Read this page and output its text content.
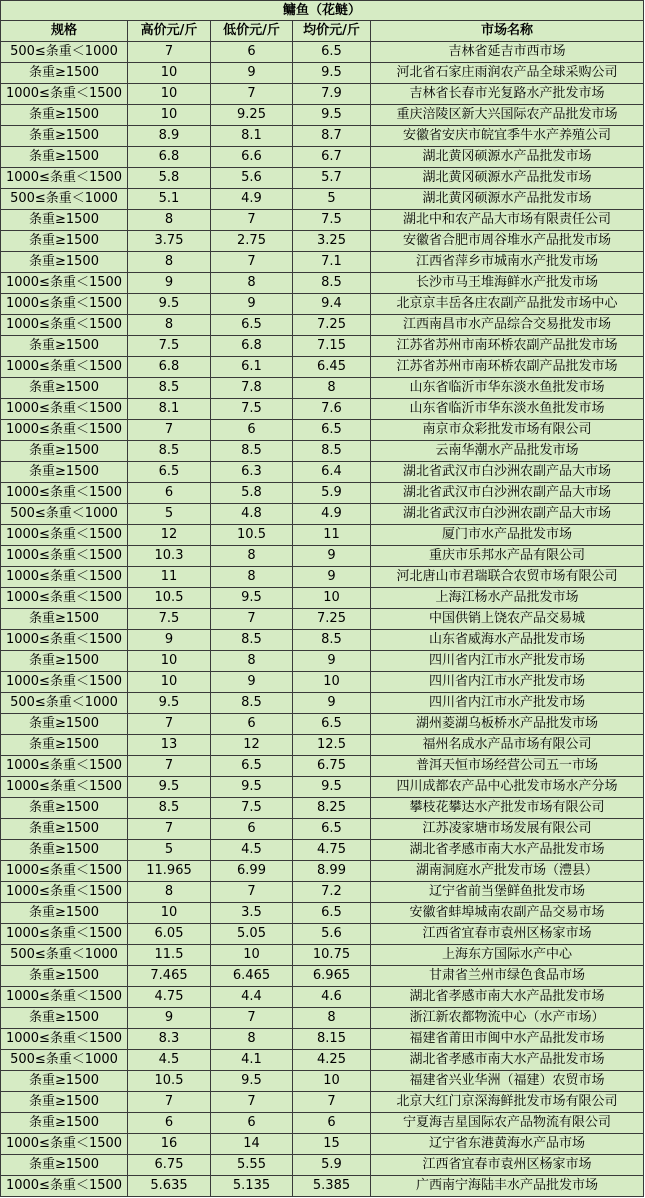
鳙鱼（花鲢）				
规格	高价元/斤	低价元/斤	均价元/斤	市场名称
500≤条重＜1000	7	6	6.5	吉林省延吉市西市场
条重≥1500	10	9	9.5	河北省石家庄雨润农产品全球采购公司
1000≤条重＜1500	10	7	7.9	吉林省长春市光复路水产批发市场
条重≥1500	10	9.25	9.5	重庆涪陵区新大兴国际农产品批发市场
条重≥1500	8.9	8.1	8.7	安徽省安庆市皖宜季牛水产养殖公司
条重≥1500	6.8	6.6	6.7	湖北黄冈硕源水产品批发市场
1000≤条重＜1500	5.8	5.6	5.7	湖北黄冈硕源水产品批发市场
500≤条重＜1000	5.1	4.9	5	湖北黄冈硕源水产品批发市场
条重≥1500	8	7	7.5	湖北中和农产品大市场有限责任公司
条重≥1500	3.75	2.75	3.25	安徽省合肥市周谷堆水产品批发市场
条重≥1500	8	7	7.1	江西省萍乡市城南水产批发市场
1000≤条重＜1500	9	8	8.5	长沙市马王堆海鲜水产批发市场
1000≤条重＜1500	9.5	9	9.4	北京京丰岳各庄农副产品批发市场中心
1000≤条重＜1500	8	6.5	7.25	江西南昌市水产品综合交易批发市场
条重≥1500	7.5	6.8	7.15	江苏省苏州市南环桥农副产品批发市场
1000≤条重＜1500	6.8	6.1	6.45	江苏省苏州市南环桥农副产品批发市场
条重≥1500	8.5	7.8	8	山东省临沂市华东淡水鱼批发市场
1000≤条重＜1500	8.1	7.5	7.6	山东省临沂市华东淡水鱼批发市场
1000≤条重＜1500	7	6	6.5	南京市众彩批发市场有限公司
条重≥1500	8.5	8.5	8.5	云南华潮水产品批发市场
条重≥1500	6.5	6.3	6.4	湖北省武汉市白沙洲农副产品大市场
1000≤条重＜1500	6	5.8	5.9	湖北省武汉市白沙洲农副产品大市场
500≤条重＜1000	5	4.8	4.9	湖北省武汉市白沙洲农副产品大市场
1000≤条重＜1500	12	10.5	11	厦门市水产品批发市场
1000≤条重＜1500	10.3	8	9	重庆市乐邦水产品有限公司
1000≤条重＜1500	11	8	9	河北唐山市君瑞联合农贸市场有限公司
1000≤条重＜1500	10.5	9.5	10	上海江杨水产品批发市场
条重≥1500	7.5	7	7.25	中国供销上饶农产品交易城
1000≤条重＜1500	9	8.5	8.5	山东省威海水产品批发市场
条重≥1500	10	8	9	四川省内江市水产批发市场
1000≤条重＜1500	10	9	10	四川省内江市水产批发市场
500≤条重＜1000	9.5	8.5	9	四川省内江市水产批发市场
条重≥1500	7	6	6.5	湖州菱湖乌板桥水产品批发市场
条重≥1500	13	12	12.5	福州名成水产品市场有限公司
1000≤条重＜1500	7	6.5	6.75	普洱天恒市场经营公司五一市场
1000≤条重＜1500	9.5	9.5	9.5	四川成都农产品中心批发市场水产分场
条重≥1500	8.5	7.5	8.25	攀枝花攀达水产批发市场有限公司
条重≥1500	7	6	6.5	江苏凌家塘市场发展有限公司
条重≥1500	5	4.5	4.75	湖北省孝感市南大水产品批发市场
1000≤条重＜1500	11.965	6.99	8.99	湖南洞庭水产批发市场（澧县）
1000≤条重＜1500	8	7	7.2	辽宁省前当堡鲜鱼批发市场
条重≥1500	10	3.5	6.5	安徽省蚌埠城南农副产品交易市场
1000≤条重＜1500	6.05	5.05	5.6	江西省宜春市袁州区杨家市场
500≤条重＜1000	11.5	10	10.75	上海东方国际水产中心
条重≥1500	7.465	6.465	6.965	甘肃省兰州市绿色食品市场
1000≤条重＜1500	4.75	4.4	4.6	湖北省孝感市南大水产品批发市场
条重≥1500	9	7	8	浙江新农都物流中心（水产市场）
1000≤条重＜1500	8.3	8	8.15	福建省莆田市闽中水产品批发市场
500≤条重＜1000	4.5	4.1	4.25	湖北省孝感市南大水产品批发市场
条重≥1500	10.5	9.5	10	福建省兴业华洲（福建）农贸市场
条重≥1500	7	7	7	北京大红门京深海鲜批发市场有限公司
条重≥1500	6	6	6	宁夏海吉星国际农产品物流有限公司
1000≤条重＜1500	16	14	15	辽宁省东港黄海水产品市场
条重≥1500	6.75	5.55	5.9	江西省宜春市袁州区杨家市场
1000≤条重＜1500	5.635	5.135	5.385	广西南宁海陆丰水产品批发市场
